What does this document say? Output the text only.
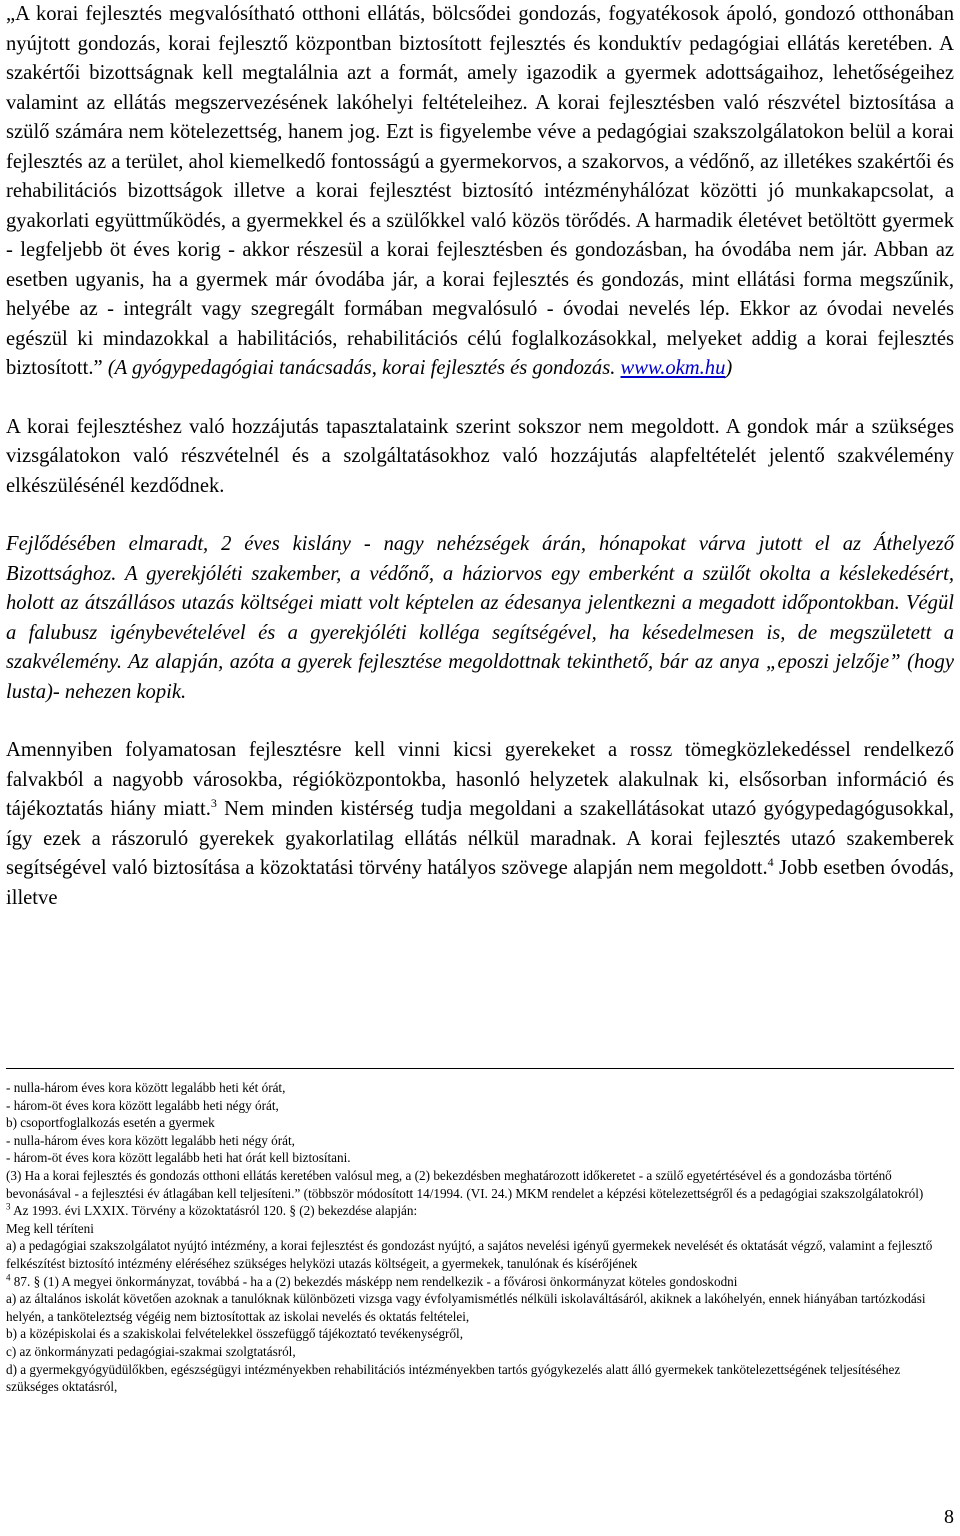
„A korai fejlesztés megvalósítható otthoni ellátás, bölcsődei gondozás, fogyatékosok ápoló, gondozó otthonában nyújtott gondozás, korai fejlesztő központban biztosított fejlesztés és konduktív pedagógiai ellátás keretében. A szakértői bizottságnak kell megtalálnia azt a formát, amely igazodik a gyermek adottságaihoz, lehetőségeihez valamint az ellátás megszervezésének lakóhelyi feltételeihez. A korai fejlesztésben való részvétel biztosítása a szülő számára nem kötelezettség, hanem jog. Ezt is figyelembe véve a pedagógiai szakszolgálatokon belül a korai fejlesztés az a terület, ahol kiemelkedő fontosságú a gyermekorvos, a szakorvos, a védőnő, az illetékes szakértői és rehabilitációs bizottságok illetve a korai fejlesztést biztosító intézményhálózat közötti jó munkakapcsolat, a gyakorlati együttműködés, a gyermekkel és a szülőkkel való közös törődés. A harmadik életévet betöltött gyermek - legfeljebb öt éves korig - akkor részesül a korai fejlesztésben és gondozásban, ha óvodába nem jár. Abban az esetben ugyanis, ha a gyermek már óvodába jár, a korai fejlesztés és gondozás, mint ellátási forma megszűnik, helyébe az - integrált vagy szegregált formában megvalósuló - óvodai nevelés lép. Ekkor az óvodai nevelés egészül ki mindazokkal a habilitációs, rehabilitációs célú foglalkozásokkal, melyeket addig a korai fejlesztés biztosított.” (A gyógypedagógiai tanácsadás, korai fejlesztés és gondozás. www.okm.hu)

A korai fejlesztéshez való hozzájutás tapasztalataink szerint sokszor nem megoldott. A gondok már a szükséges vizsgálatokon való részvételnél és a szolgáltatásokhoz való hozzájutás alapfeltételét jelentő szakvélemény elkészülésénél kezdődnek.

Fejlődésében elmaradt, 2 éves kislány - nagy nehézségek árán, hónapokat várva jutott el az Áthelyező Bizottsághoz. A gyerekjóléti szakember, a védőnő, a háziorvos egy emberként a szülőt okolta a késlekedésért, holott az átszállásos utazás költségei miatt volt képtelen az édesanya jelentkezni a megadott időpontokban. Végül a falubusz igénybevételével és a gyerekjóléti kolléga segítségével, ha késedelmesen is, de megszületett a szakvélemény. Az alapján, azóta a gyerek fejlesztése megoldottnak tekinthető, bár az anya „eposzi jelzője” (hogy lusta)- nehezen kopik.

Amennyiben folyamatosan fejlesztésre kell vinni kicsi gyerekeket a rossz tömegközlekedéssel rendelkező falvakból a nagyobb városokba, régióközpontokba, hasonló helyzetek alakulnak ki, elsősorban információ és tájékoztatás hiány miatt.$^3$ Nem minden kistérség tudja megoldani a szakellátásokat utazó gyógypedagógusokkal, így ezek a rászoruló gyerekek gyakorlatilag ellátás nélkül maradnak. A korai fejlesztés utazó szakemberek segítségével való biztosítása a közoktatási törvény hatályos szövege alapján nem megoldott.$^4$ Jobb esetben óvodás, illetve

- nulla-három éves kora között legalább heti két órát,

- három-öt éves kora között legalább heti négy órát,

b) csoportfoglalkozás esetén a gyermek

- nulla-három éves kora között legalább heti négy órát,

- három-öt éves kora között legalább heti hat órát kell biztosítani.

(3) Ha a korai fejlesztés és gondozás otthoni ellátás keretében valósul meg, a (2) bekezdésben meghatározott időkeretet - a szülő egyetértésével és a gondozásba történő bevonásával - a fejlesztési év átlagában kell teljesíteni.” (többször módosított 14/1994. (VI. 24.) MKM rendelet a képzési kötelezettségről és a pedagógiai szakszolgálatokról)

$^3$ Az 1993. évi LXXIX. Törvény a közoktatásról 120. § (2) bekezdése alapján:

Meg kell téríteni

a) a pedagógiai szakszolgálatot nyújtó intézmény, a korai fejlesztést és gondozást nyújtó, a sajátos nevelési igényű gyermekek nevelését és oktatását végző, valamint a fejlesztő felkészítést biztosító intézmény eléréséhez szükséges helyközi utazás költségeit, a gyermekek, tanulónak és kísérőjének

$^4$ 87. § (1) A megyei önkormányzat, továbbá - ha a (2) bekezdés másképp nem rendelkezik - a fővárosi önkormányzat köteles gondoskodni

a) az általános iskolát követően azoknak a tanulóknak különbözeti vizsga vagy évfolyamismétlés nélküli iskolaváltásáról, akiknek a lakóhelyén, ennek hiányában tartózkodási helyén, a tanköteleztség végéig nem biztosítottak az iskolai nevelés és oktatás feltételei,

b) a középiskolai és a szakiskolai felvételekkel összefüggő tájékoztató tevékenységről,

c) az önkormányzati pedagógiai-szakmai szolgtatásról,

d) a gyermekgyógyüdülőkben, egészségügyi intézményekben rehabilitációs intézményekben tartós gyógykezelés alatt álló gyermekek tankötelezettségének teljesítéséhez szükséges oktatásról,

8
